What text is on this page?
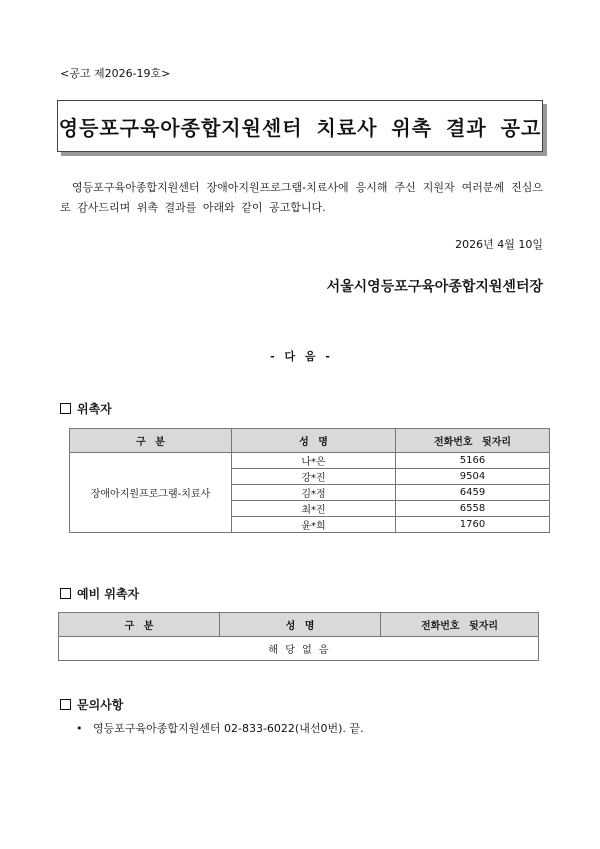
<공고 제2026-19호>
영등포구육아종합지원센터 치료사 위촉 결과 공고
영등포구육아종합지원센터 장애아지원프로그램-치료사에 응시해 주신 지원자 여러분께 진심으로 감사드리며 위촉 결과를 아래와 같이 공고합니다.
2026년 4월 10일
서울시영등포구육아종합지원센터장
- 다 음 -
위촉자
구 분	성 명	전화번호 뒷자리
장애아지원프로그램-치료사	나*은	5166
	강*진	9504
	김*정	6459
	최*진	6558
	윤*희	1760
예비 위촉자
구 분	성 명	전화번호 뒷자리
해 당 없 음
문의사항
•   영등포구육아종합지원센터 02-833-6022(내선0번). 끝.
